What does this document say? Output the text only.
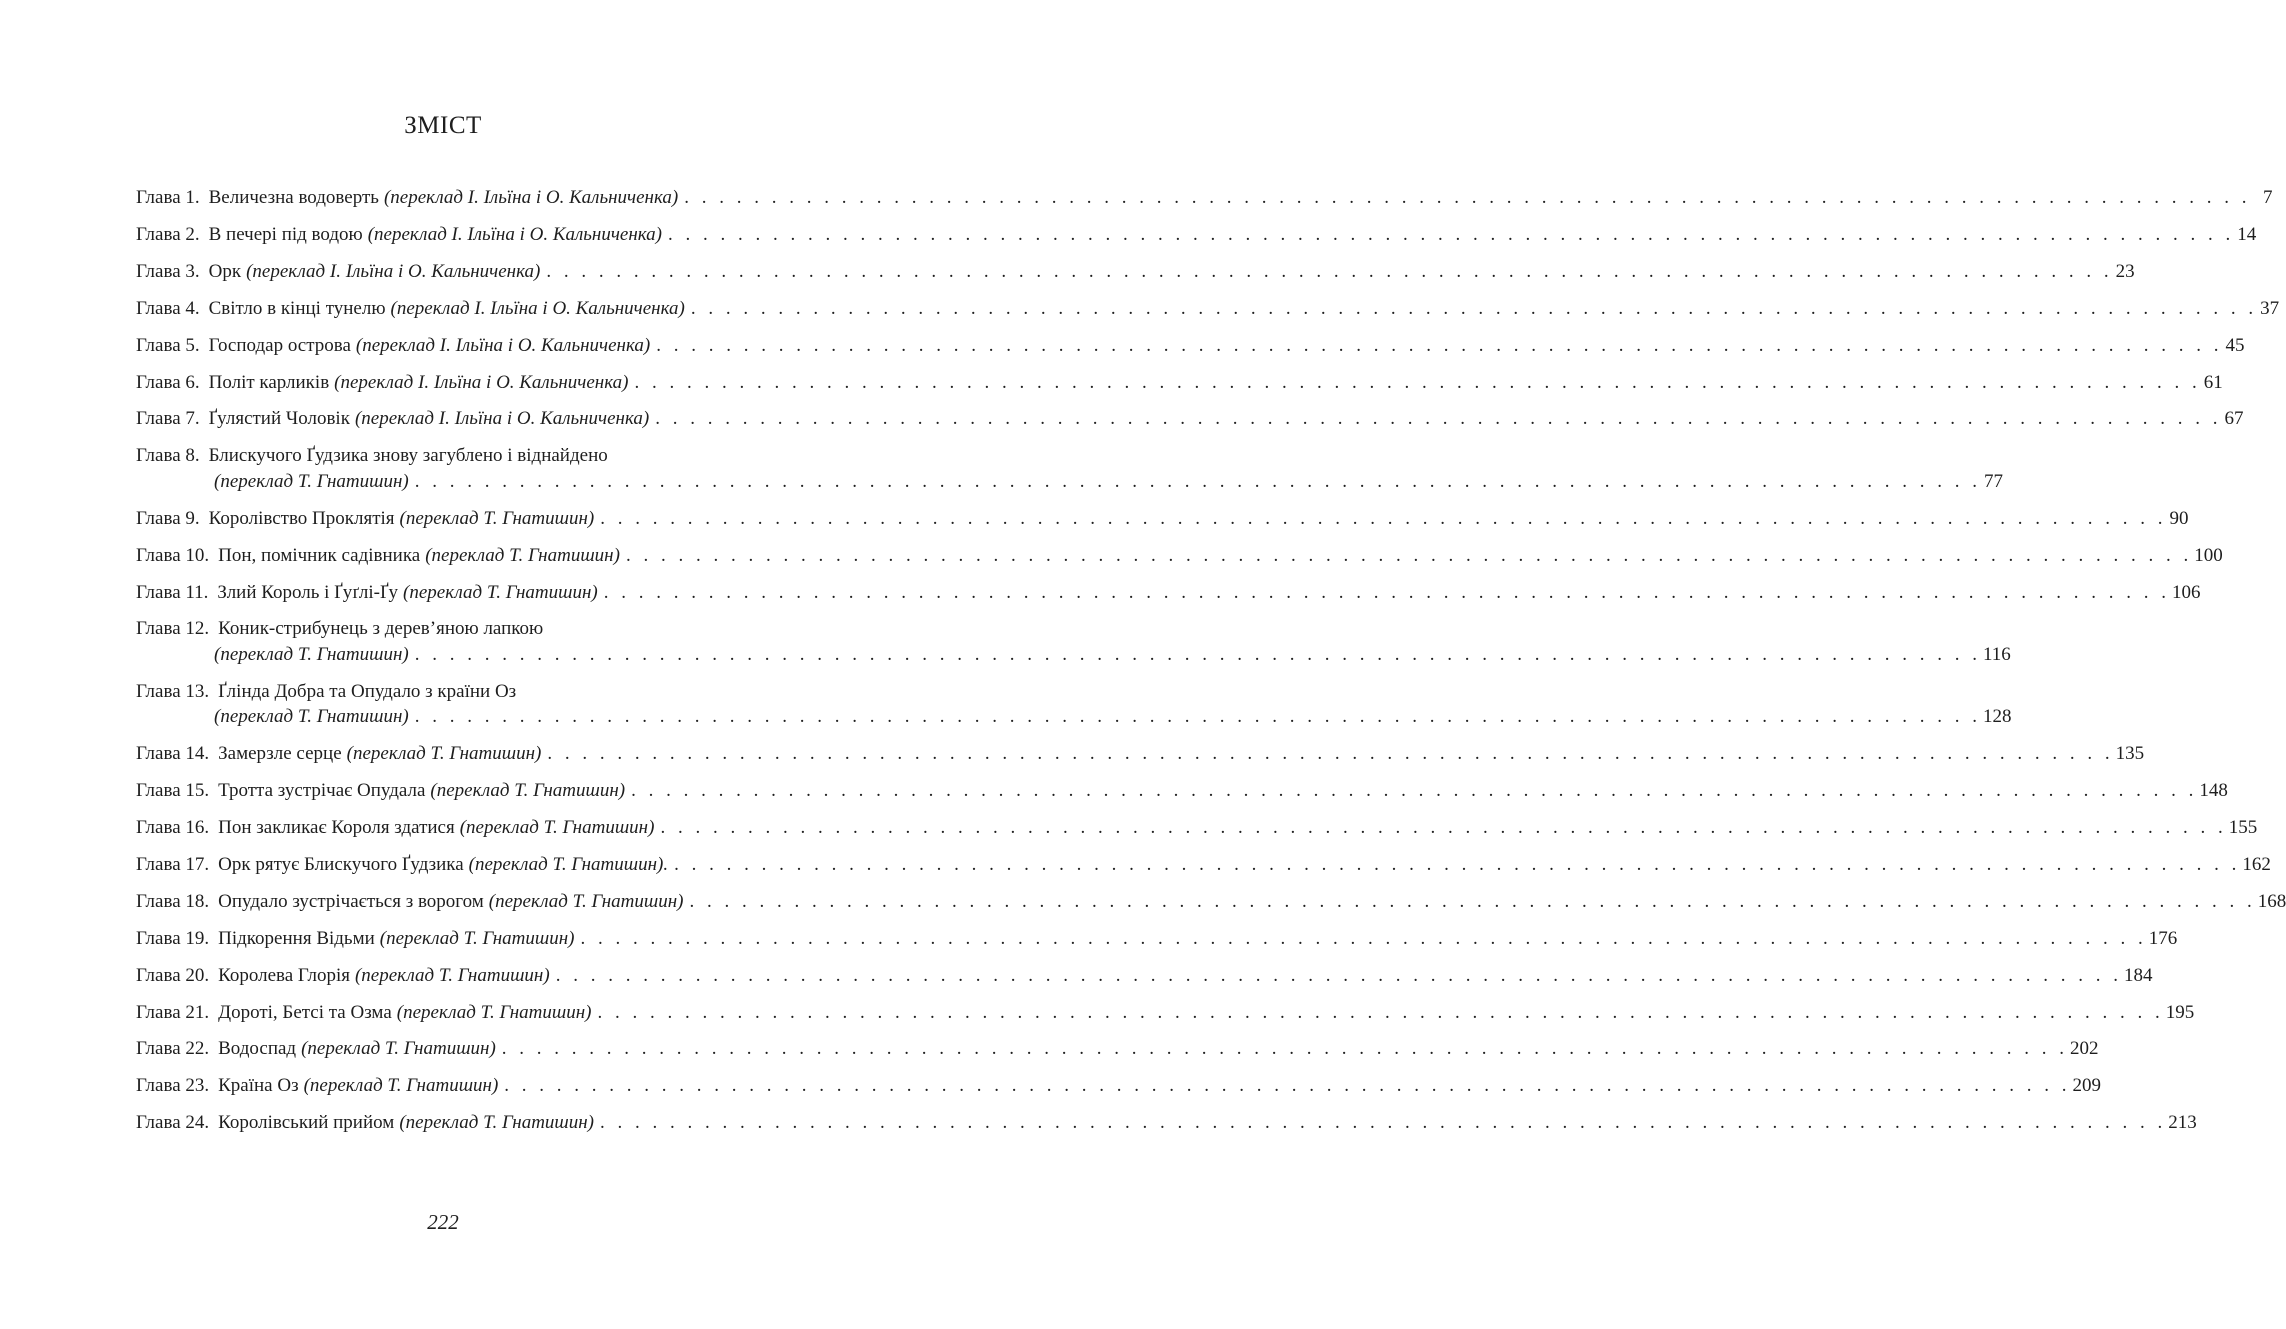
ЗМІСТ
Глава 1. Величезна водоверть (переклад І. Ільїна і О. Кальниченка) . . . . . . . . . . . . . . . . . . . . . . . . . . . . . . . . . . . . . . . . . . . . . . . . . . . . . . . . . . . . . . . . . . . . . . . . . . . . . . . . . . . . . . . . . . 7
Глава 2. В печері під водою (переклад І. Ільїна і О. Кальниченка) . . . . . . . . . . . . . . . . . . . . . . . . . . . . . . . . . . . . . . . . . . . . . . . . . . . . . . . . . . . . . . . . . . . . . . . . . . . . . . . . . . . . . . . . . . 14
Глава 3. Орк (переклад І. Ільїна і О. Кальниченка) . . . . . . . . . . . . . . . . . . . . . . . . . . . . . . . . . . . . . . . . . . . . . . . . . . . . . . . . . . . . . . . . . . . . . . . . . . . . . . . . . . . . . . . . . . 23
Глава 4. Світло в кінці тунелю (переклад І. Ільїна і О. Кальниченка) . . . . . . . . . . . . . . . . . . . . . . . . . . . . . . . . . . . . . . . . . . . . . . . . . . . . . . . . . . . . . . . . . . . . . . . . . . . . . . . . . . . . . . . . . . 37
Глава 5. Господар острова (переклад І. Ільїна і О. Кальниченка) . . . . . . . . . . . . . . . . . . . . . . . . . . . . . . . . . . . . . . . . . . . . . . . . . . . . . . . . . . . . . . . . . . . . . . . . . . . . . . . . . . . . . . . . . . 45
Глава 6. Політ карликів (переклад І. Ільїна і О. Кальниченка) . . . . . . . . . . . . . . . . . . . . . . . . . . . . . . . . . . . . . . . . . . . . . . . . . . . . . . . . . . . . . . . . . . . . . . . . . . . . . . . . . . . . . . . . . . 61
Глава 7. Ґулястий Чоловік (переклад І. Ільїна і О. Кальниченка) . . . . . . . . . . . . . . . . . . . . . . . . . . . . . . . . . . . . . . . . . . . . . . . . . . . . . . . . . . . . . . . . . . . . . . . . . . . . . . . . . . . . . . . . . . 67
Глава 8. Блискучого Ґудзика знову загублено і віднайдено
(переклад Т. Гнатишин) . . . . . . . . . . . . . . . . . . . . . . . . . . . . . . . . . . . . . . . . . . . . . . . . . . . . . . . . . . . . . . . . . . . . . . . . . . . . . . . . . . . . . . . . . . 77
Глава 9. Королівство Проклятія (переклад Т. Гнатишин) . . . . . . . . . . . . . . . . . . . . . . . . . . . . . . . . . . . . . . . . . . . . . . . . . . . . . . . . . . . . . . . . . . . . . . . . . . . . . . . . . . . . . . . . . . 90
Глава 10. Пон, помічник садівника (переклад Т. Гнатишин) . . . . . . . . . . . . . . . . . . . . . . . . . . . . . . . . . . . . . . . . . . . . . . . . . . . . . . . . . . . . . . . . . . . . . . . . . . . . . . . . . . . . . . . . . . 100
Глава 11. Злий Король і Ґуґлі-Ґу (переклад Т. Гнатишин) . . . . . . . . . . . . . . . . . . . . . . . . . . . . . . . . . . . . . . . . . . . . . . . . . . . . . . . . . . . . . . . . . . . . . . . . . . . . . . . . . . . . . . . . . . 106
Глава 12. Коник-стрибунець з дерев’яною лапкою
(переклад Т. Гнатишин) . . . . . . . . . . . . . . . . . . . . . . . . . . . . . . . . . . . . . . . . . . . . . . . . . . . . . . . . . . . . . . . . . . . . . . . . . . . . . . . . . . . . . . . . . . 116
Глава 13. Ґлінда Добра та Опудало з країни Оз
(переклад Т. Гнатишин) . . . . . . . . . . . . . . . . . . . . . . . . . . . . . . . . . . . . . . . . . . . . . . . . . . . . . . . . . . . . . . . . . . . . . . . . . . . . . . . . . . . . . . . . . . 128
Глава 14. Замерзле серце (переклад Т. Гнатишин) . . . . . . . . . . . . . . . . . . . . . . . . . . . . . . . . . . . . . . . . . . . . . . . . . . . . . . . . . . . . . . . . . . . . . . . . . . . . . . . . . . . . . . . . . . 135
Глава 15. Тротта зустрічає Опудала (переклад Т. Гнатишин) . . . . . . . . . . . . . . . . . . . . . . . . . . . . . . . . . . . . . . . . . . . . . . . . . . . . . . . . . . . . . . . . . . . . . . . . . . . . . . . . . . . . . . . . . . 148
Глава 16. Пон закликає Короля здатися (переклад Т. Гнатишин) . . . . . . . . . . . . . . . . . . . . . . . . . . . . . . . . . . . . . . . . . . . . . . . . . . . . . . . . . . . . . . . . . . . . . . . . . . . . . . . . . . . . . . . . . . 155
Глава 17. Орк рятує Блискучого Ґудзика (переклад Т. Гнатишин). . . . . . . . . . . . . . . . . . . . . . . . . . . . . . . . . . . . . . . . . . . . . . . . . . . . . . . . . . . . . . . . . . . . . . . . . . . . . . . . . . . . . . . . . . . 162
Глава 18. Опудало зустрічається з ворогом (переклад Т. Гнатишин) . . . . . . . . . . . . . . . . . . . . . . . . . . . . . . . . . . . . . . . . . . . . . . . . . . . . . . . . . . . . . . . . . . . . . . . . . . . . . . . . . . . . . . . . . . 168
Глава 19. Підкорення Відьми (переклад Т. Гнатишин) . . . . . . . . . . . . . . . . . . . . . . . . . . . . . . . . . . . . . . . . . . . . . . . . . . . . . . . . . . . . . . . . . . . . . . . . . . . . . . . . . . . . . . . . . . 176
Глава 20. Королева Глорія (переклад Т. Гнатишин) . . . . . . . . . . . . . . . . . . . . . . . . . . . . . . . . . . . . . . . . . . . . . . . . . . . . . . . . . . . . . . . . . . . . . . . . . . . . . . . . . . . . . . . . . . 184
Глава 21. Дороті, Бетсі та Озма (переклад Т. Гнатишин) . . . . . . . . . . . . . . . . . . . . . . . . . . . . . . . . . . . . . . . . . . . . . . . . . . . . . . . . . . . . . . . . . . . . . . . . . . . . . . . . . . . . . . . . . . 195
Глава 22. Водоспад (переклад Т. Гнатишин) . . . . . . . . . . . . . . . . . . . . . . . . . . . . . . . . . . . . . . . . . . . . . . . . . . . . . . . . . . . . . . . . . . . . . . . . . . . . . . . . . . . . . . . . . . 202
Глава 23. Країна Оз (переклад Т. Гнатишин) . . . . . . . . . . . . . . . . . . . . . . . . . . . . . . . . . . . . . . . . . . . . . . . . . . . . . . . . . . . . . . . . . . . . . . . . . . . . . . . . . . . . . . . . . . 209
Глава 24. Королівський прийом (переклад Т. Гнатишин) . . . . . . . . . . . . . . . . . . . . . . . . . . . . . . . . . . . . . . . . . . . . . . . . . . . . . . . . . . . . . . . . . . . . . . . . . . . . . . . . . . . . . . . . . . 213
222
